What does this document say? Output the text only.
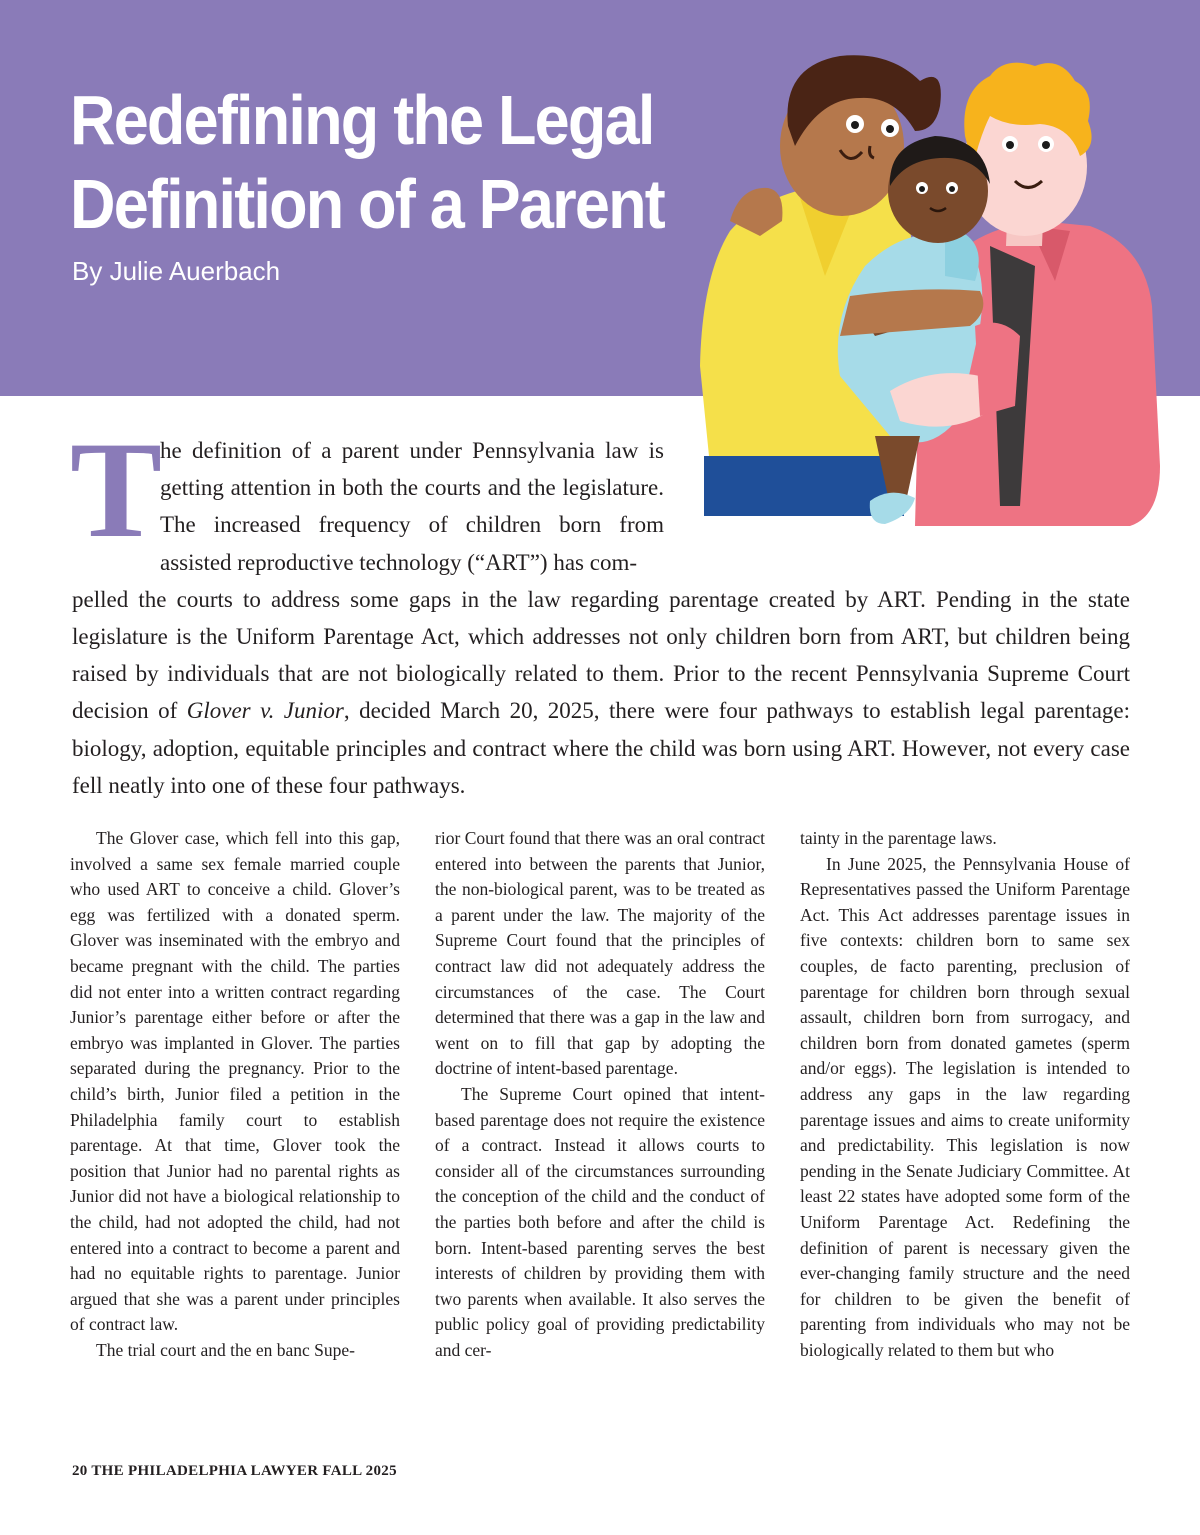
Redefining the Legal
Definition of a Parent
By Julie Auerbach
T

he definition of a parent under Pennsylvania law is getting attention in both the courts and the legislature. The increased frequency of children born from assisted reproductive technology (“ART”) has com-

pelled the courts to address some gaps in the law regarding parentage created by ART. Pending in the state legislature is the Uniform Parentage Act, which addresses not only children born from ART, but children being raised by individuals that are not biologically related to them. Prior to the recent Pennsylvania Supreme Court decision of Glover v. Junior, decided March 20, 2025, there were four pathways to establish legal parentage: biology, adoption, equitable principles and contract where the child was born using ART. However, not every case fell neatly into one of these four pathways.

The Glover case, which fell into this gap, involved a same sex female married couple who used ART to conceive a child. Glover’s egg was fertilized with a donated sperm. Glover was inseminated with the embryo and became pregnant with the child. The parties did not enter into a written contract regarding Junior’s parentage either before or after the embryo was implanted in Glover. The parties separated during the pregnancy. Prior to the child’s birth, Junior filed a petition in the Philadelphia family court to establish parentage. At that time, Glover took the position that Junior had no parental rights as Junior did not have a biological relationship to the child, had not adopted the child, had not entered into a contract to become a parent and had no equitable rights to parentage. Junior argued that she was a parent under principles of contract law.

The trial court and the en banc Supe-

rior Court found that there was an oral contract entered into between the parents that Junior, the non-biological parent, was to be treated as a parent under the law. The majority of the Supreme Court found that the principles of contract law did not adequately address the circumstances of the case. The Court determined that there was a gap in the law and went on to fill that gap by adopting the doctrine of intent-based parentage.

The Supreme Court opined that intent-based parentage does not require the existence of a contract. Instead it allows courts to consider all of the circumstances surrounding the conception of the child and the conduct of the parties both before and after the child is born. Intent-based parenting serves the best interests of children by providing them with two parents when available. It also serves the public policy goal of providing predictability and cer-

tainty in the parentage laws.

In June 2025, the Pennsylvania House of Representatives passed the Uniform Parentage Act. This Act addresses parentage issues in five contexts: children born to same sex couples, de facto parenting, preclusion of parentage for children born through sexual assault, children born from surrogacy, and children born from donated gametes (sperm and/or eggs). The legislation is intended to address any gaps in the law regarding parentage issues and aims to create uniformity and predictability. This legislation is now pending in the Senate Judiciary Committee. At least 22 states have adopted some form of the Uniform Parentage Act. Redefining the definition of parent is necessary given the ever-changing family structure and the need for children to be given the benefit of parenting from individuals who may not be biologically related to them but who

20 THE PHILADELPHIA LAWYER FALL 2025
